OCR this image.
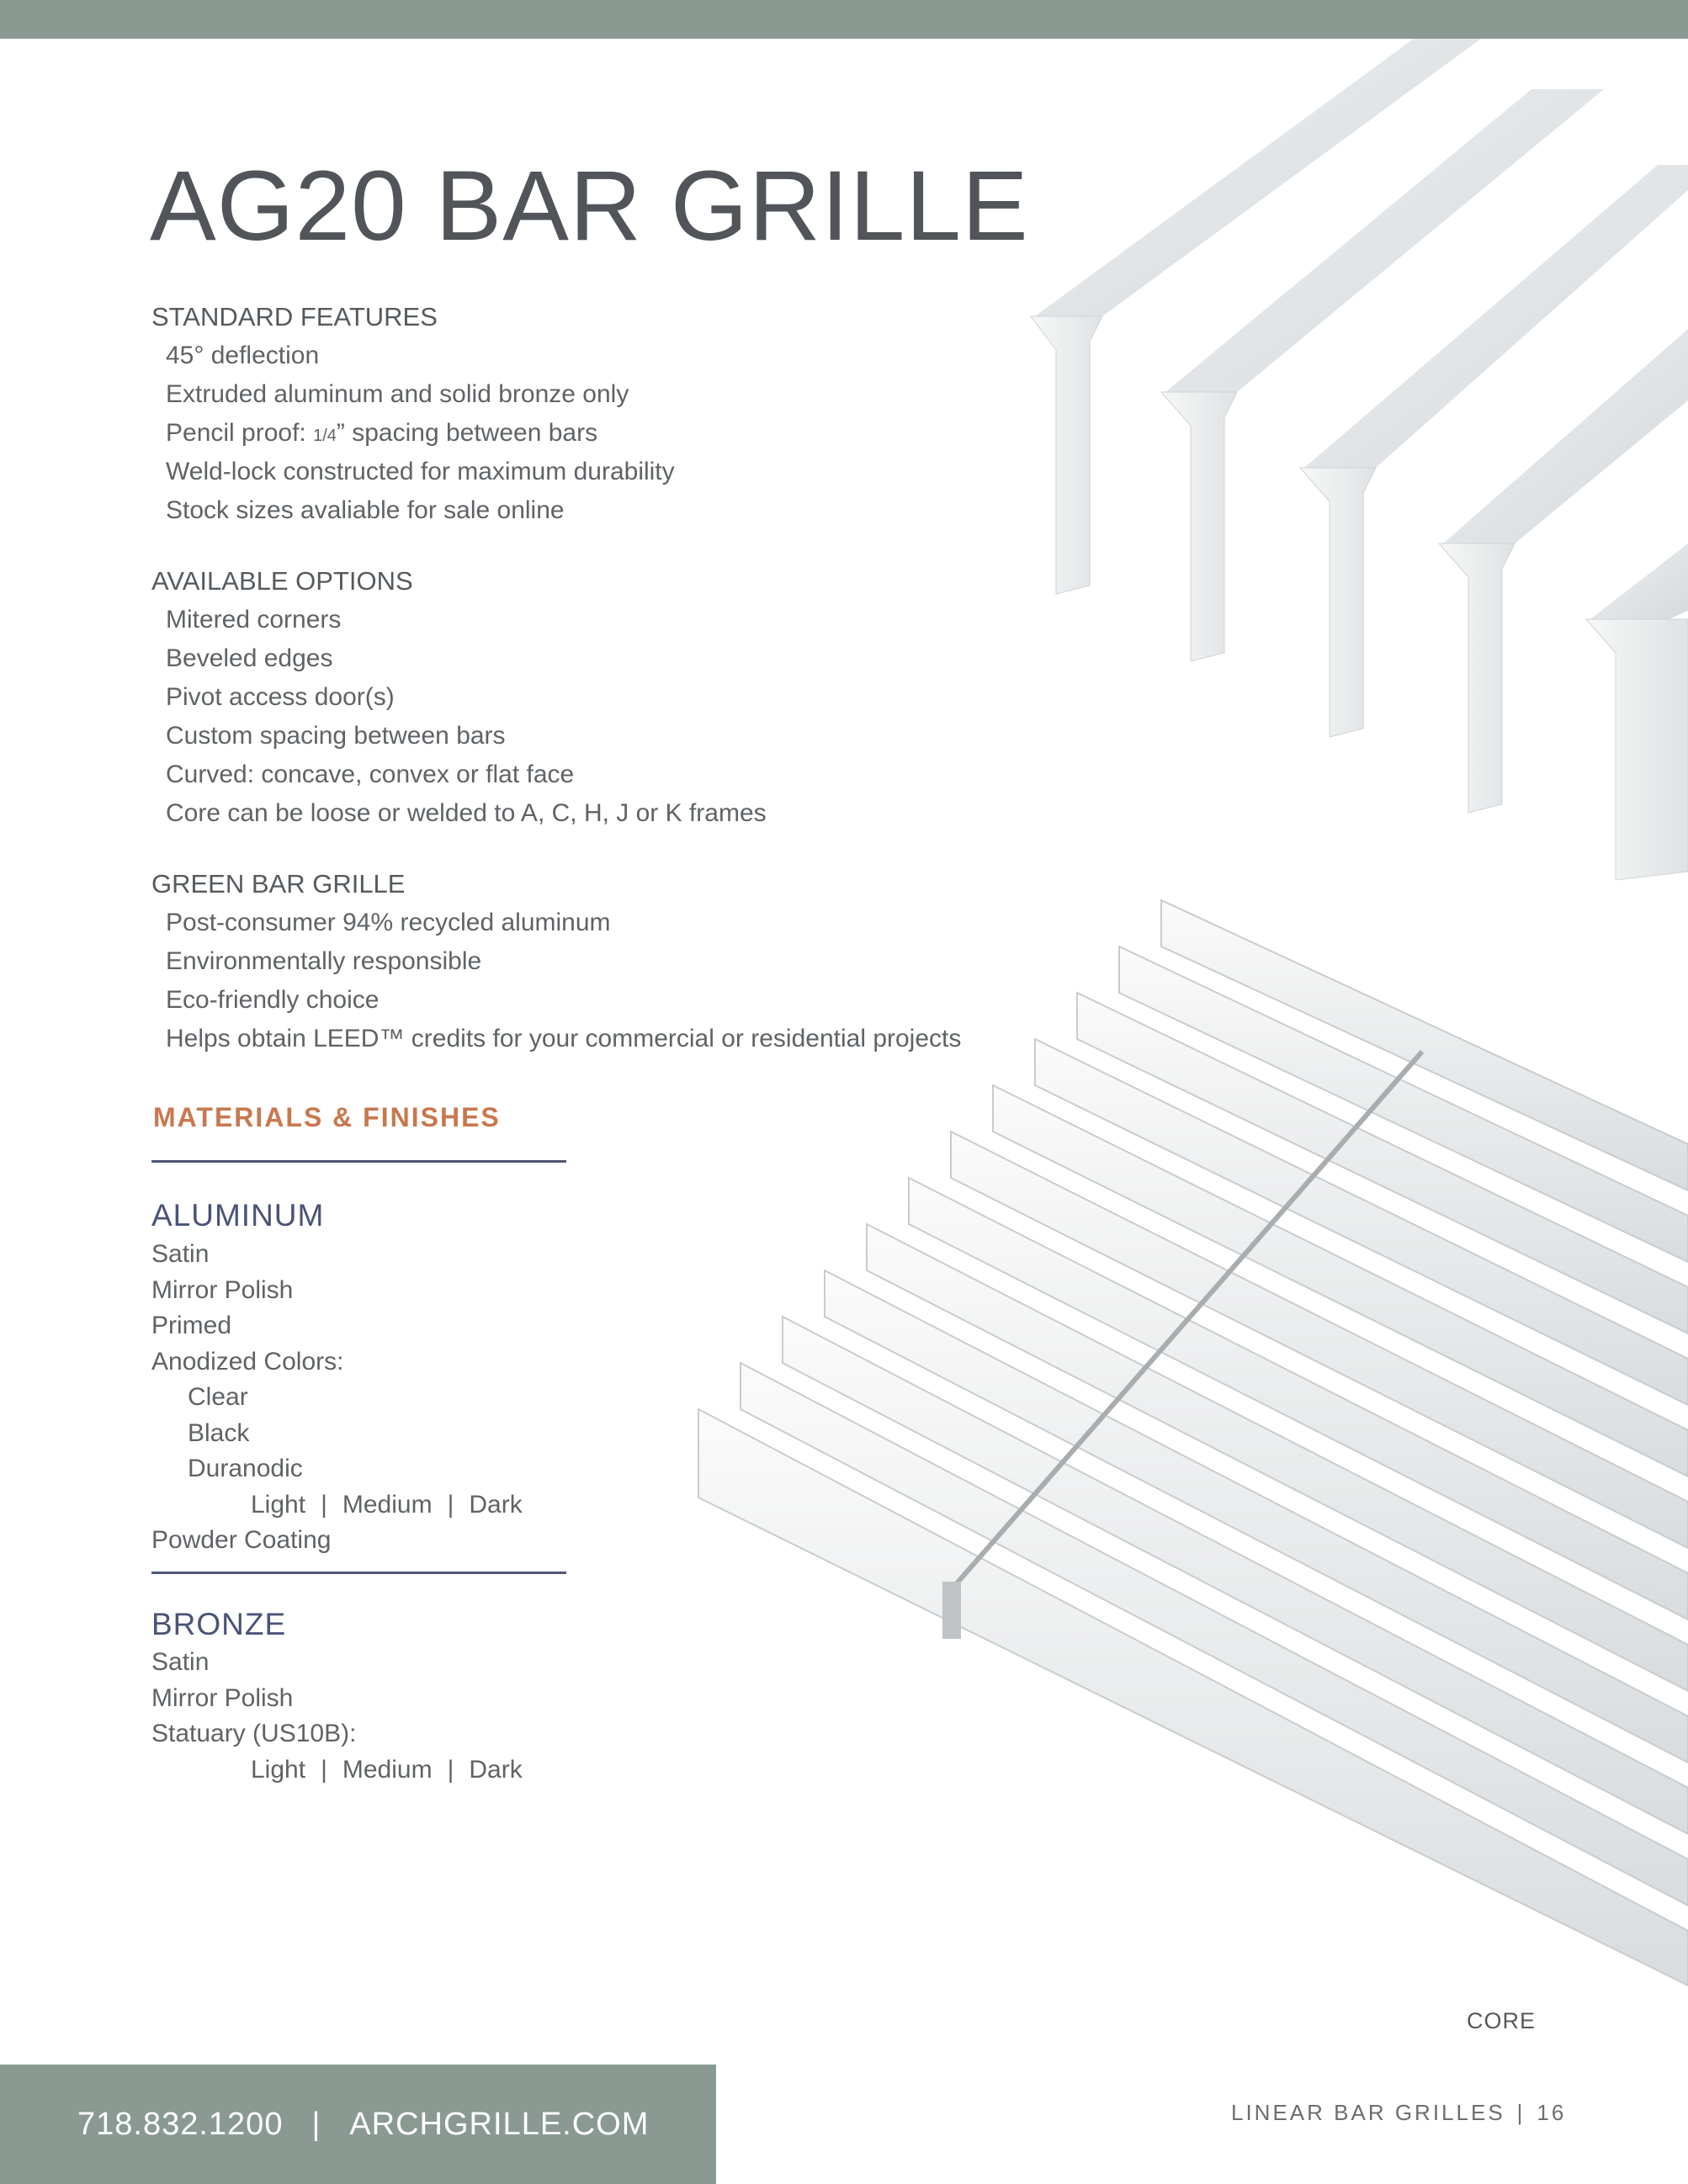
AG20 BAR GRILLE
STANDARD FEATURES
45° deflection
Extruded aluminum and solid bronze only
Pencil proof: 1/4” spacing between bars
Weld-lock constructed for maximum durability
Stock sizes avaliable for sale online
AVAILABLE OPTIONS
Mitered corners
Beveled edges
Pivot access door(s)
Custom spacing between bars
Curved: concave, convex or flat face
Core can be loose or welded to A, C, H, J or K frames
GREEN BAR GRILLE
Post-consumer 94% recycled aluminum
Environmentally responsible
Eco-friendly choice
Helps obtain LEED™ credits for your commercial or residential projects
MATERIALS & FINISHES
ALUMINUM
Satin
Mirror Polish
Primed
Anodized Colors:
Clear
Black
Duranodic
Light | Medium | Dark
Powder Coating
BRONZE
Satin
Mirror Polish
Statuary (US10B):
Light | Medium | Dark
CORE
718.832.1200 | ARCHGRILLE.COM	LINEAR BAR GRILLES | 16
